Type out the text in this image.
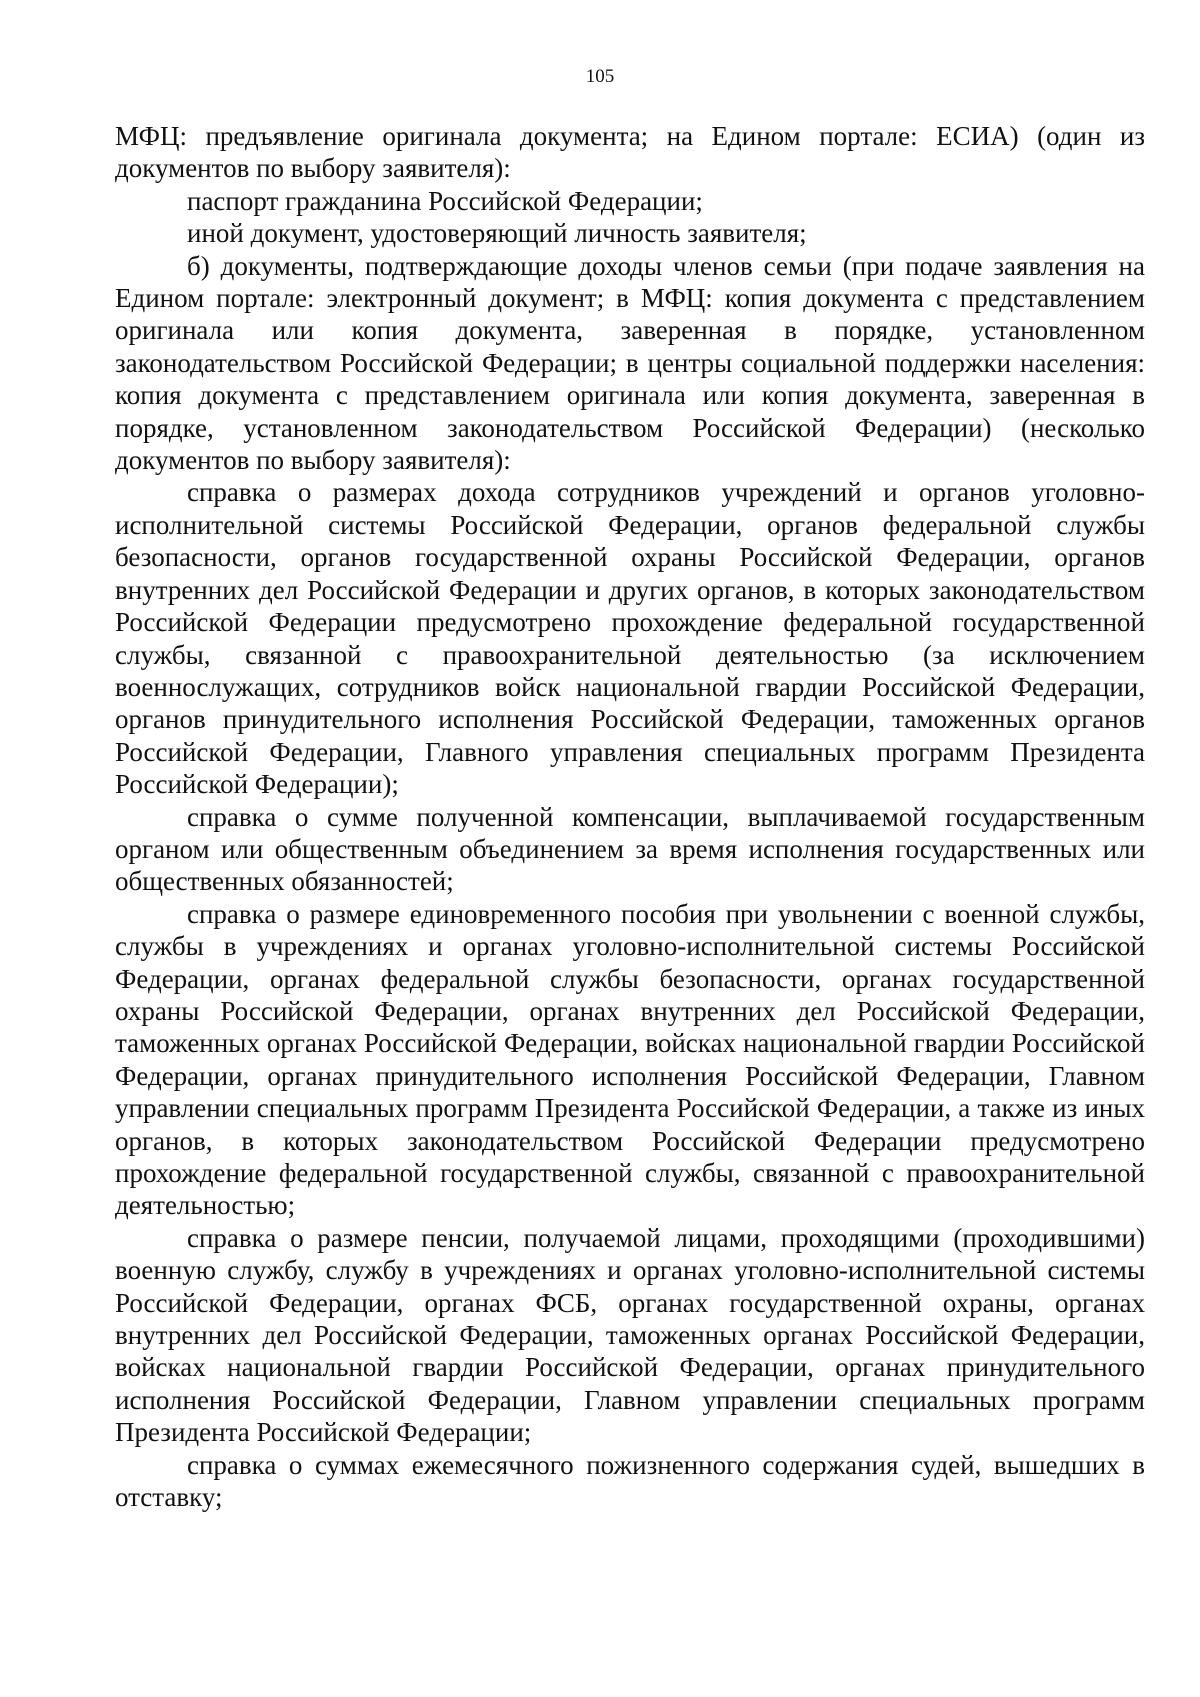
105

МФЦ: предъявление оригинала документа; на Едином портале: ЕСИА) (один из документов по выбору заявителя):

паспорт гражданина Российской Федерации;

иной документ, удостоверяющий личность заявителя;

б) документы, подтверждающие доходы членов семьи (при подаче заявления на Едином портале: электронный документ; в МФЦ: копия документа с представлением оригинала или копия документа, заверенная в порядке, установленном законодательством Российской Федерации; в центры социальной поддержки населения: копия документа с представлением оригинала или копия документа, заверенная в порядке, установленном законодательством Российской Федерации) (несколько документов по выбору заявителя):

справка о размерах дохода сотрудников учреждений и органов уголовно-исполнительной системы Российской Федерации, органов федеральной службы безопасности, органов государственной охраны Российской Федерации, органов внутренних дел Российской Федерации и других органов, в которых законодательством Российской Федерации предусмотрено прохождение федеральной государственной службы, связанной с правоохранительной деятельностью (за исключением военнослужащих, сотрудников войск национальной гвардии Российской Федерации, органов принудительного исполнения Российской Федерации, таможенных органов Российской Федерации, Главного управления специальных программ Президента Российской Федерации);

справка о сумме полученной компенсации, выплачиваемой государственным органом или общественным объединением за время исполнения государственных или общественных обязанностей;

справка о размере единовременного пособия при увольнении с военной службы, службы в учреждениях и органах уголовно-исполнительной системы Российской Федерации, органах федеральной службы безопасности, органах государственной охраны Российской Федерации, органах внутренних дел Российской Федерации, таможенных органах Российской Федерации, войсках национальной гвардии Российской Федерации, органах принудительного исполнения Российской Федерации, Главном управлении специальных программ Президента Российской Федерации, а также из иных органов, в которых законодательством Российской Федерации предусмотрено прохождение федеральной государственной службы, связанной с правоохранительной деятельностью;

справка о размере пенсии, получаемой лицами, проходящими (проходившими) военную службу, службу в учреждениях и органах уголовно-исполнительной системы Российской Федерации, органах ФСБ, органах государственной охраны, органах внутренних дел Российской Федерации, таможенных органах Российской Федерации, войсках национальной гвардии Российской Федерации, органах принудительного исполнения Российской Федерации, Главном управлении специальных программ Президента Российской Федерации;

справка о суммах ежемесячного пожизненного содержания судей, вышедших в отставку;
